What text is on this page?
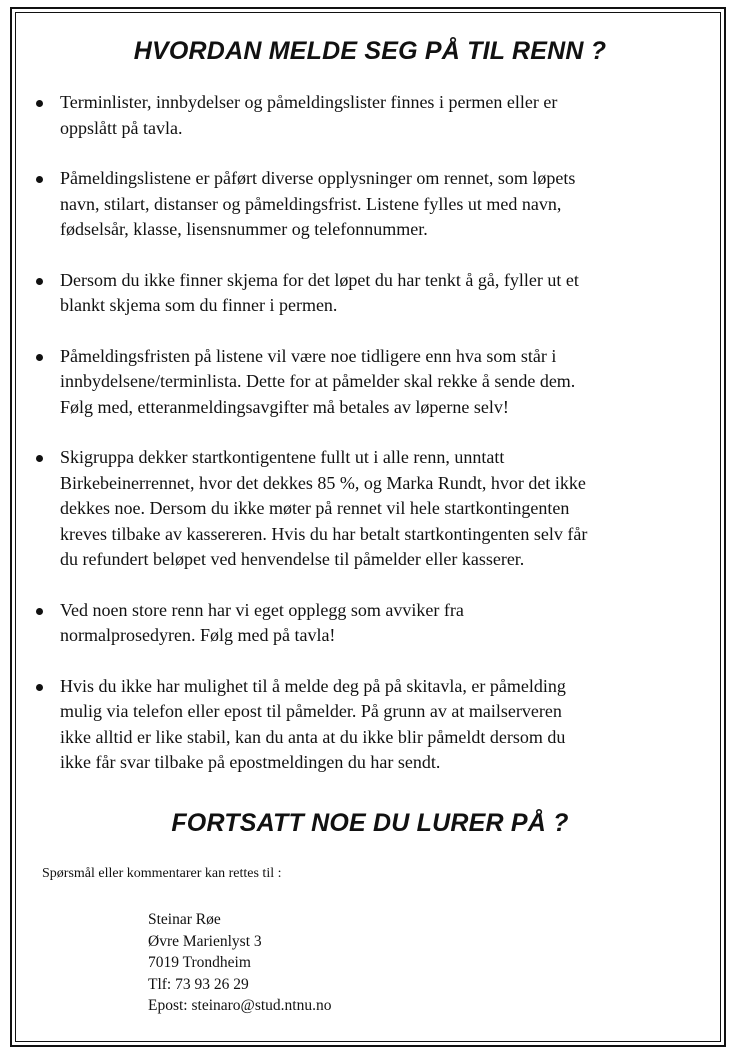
HVORDAN MELDE SEG PÅ TIL RENN ?
Terminlister, innbydelser og påmeldingslister finnes i permen eller er
oppslått på tavla.
Påmeldingslistene er påført diverse opplysninger om rennet, som løpets
navn, stilart, distanser og påmeldingsfrist. Listene fylles ut med navn,
fødselsår, klasse, lisensnummer og telefonnummer.
Dersom du ikke finner skjema for det løpet du har tenkt å gå, fyller ut et
blankt skjema som du finner i permen.
Påmeldingsfristen på listene vil være noe tidligere enn hva som står i
innbydelsene/terminlista. Dette for at påmelder skal rekke å sende dem.
Følg med, etteranmeldingsavgifter må betales av løperne selv!
Skigruppa dekker startkontigentene fullt ut i alle renn, unntatt
Birkebeinerrennet, hvor det dekkes 85 %, og Marka Rundt, hvor det ikke
dekkes noe. Dersom du ikke møter på rennet vil hele startkontingenten
kreves tilbake av kassereren. Hvis du har betalt startkontingenten selv får
du refundert beløpet ved henvendelse til påmelder eller kasserer.
Ved noen store renn har vi eget opplegg som avviker fra
normalprosedyren. Følg med på tavla!
Hvis du ikke har mulighet til å melde deg på på skitavla, er påmelding
mulig via telefon eller epost til påmelder. På grunn av at mailserveren
ikke alltid er like stabil, kan du anta at du ikke blir påmeldt dersom du
ikke får svar tilbake på epostmeldingen du har sendt.
FORTSATT NOE DU LURER PÅ ?

Spørsmål eller kommentarer kan rettes til :

Steinar Røe
Øvre Marienlyst 3
7019 Trondheim
Tlf: 73 93 26 29
Epost: steinaro@stud.ntnu.no
